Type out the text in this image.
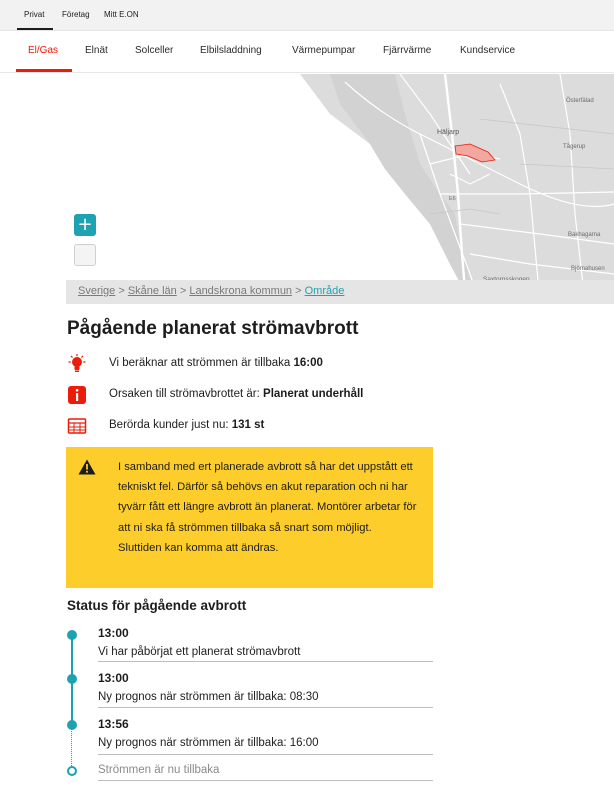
Privat Företag Mitt E.ON
El/Gas	Elnät	Solceller	Elbilsladdning	Värmepumpar	Fjärrvärme	Kundservice
Österfälad
Häljarp
Tågerup
Bakhagarna
Björnahusen
E6
+
Sverige > Skåne län > Landskrona kommun > Område
Pågående planerat strömavbrott
Vi beräknar att strömmen är tillbaka 16:00
Orsaken till strömavbrottet är: Planerat underhåll
Berörda kunder just nu: 131 st

I samband med ert planerade avbrott så har det uppstått ett tekniskt fel. Därför så behövs en akut reparation och ni har tyvärr fått ett längre avbrott än planerat. Montörer arbetar för att ni ska få strömmen tillbaka så snart som möjligt. Sluttiden kan komma att ändras.

Status för pågående avbrott
13:00
Vi har påbörjat ett planerat strömavbrott
13:00
Ny prognos när strömmen är tillbaka: 08:30
13:56
Ny prognos när strömmen är tillbaka: 16:00
Strömmen är nu tillbaka
